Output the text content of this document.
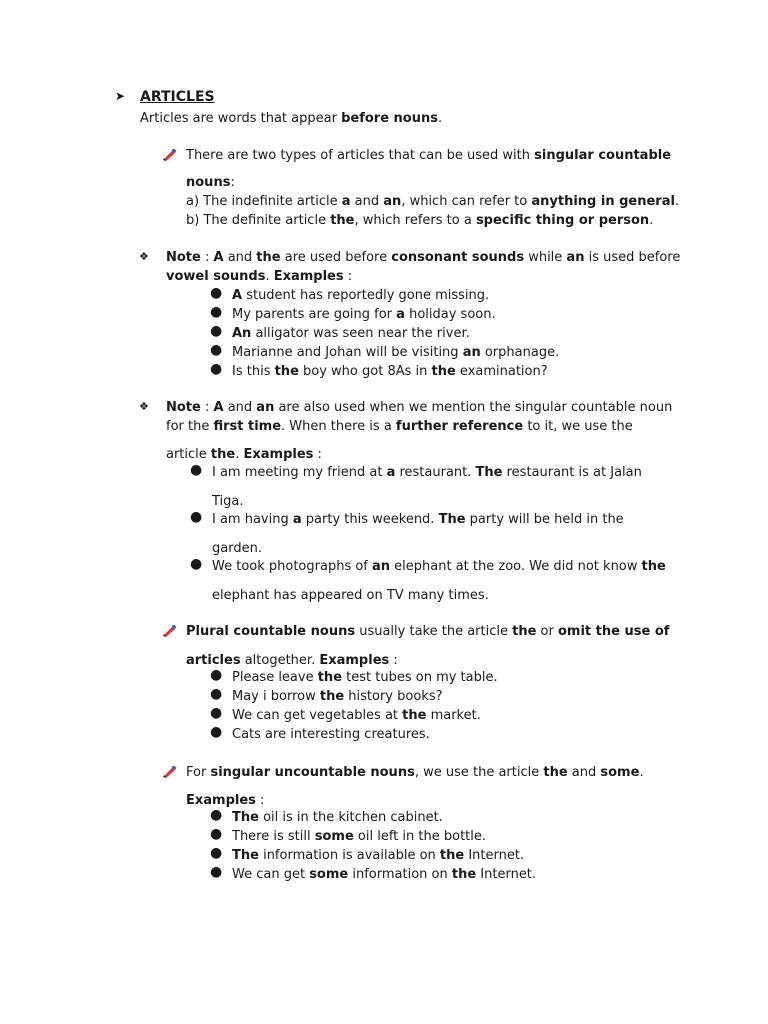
➤ ARTICLES
Articles are words that appear before nouns.
There are two types of articles that can be used with singular countable
nouns:
a) The indefinite article a and an, which can refer to anything in general.
b) The definite article the, which refers to a specific thing or person.
❖ Note : A and the are used before consonant sounds while an is used before
vowel sounds. Examples :
❖ Note : A and an are also used when we mention the singular countable noun
for the first time. When there is a further reference to it, we use the
article the. Examples :
● I am meeting my friend at a restaurant. The restaurant is at Jalan
Tiga.
● I am having a party this weekend. The party will be held in the
garden.
● We took photographs of an elephant at the zoo. We did not know the
elephant has appeared on TV many times.
Plural countable nouns usually take the article the or omit the use of
articles altogether. Examples :
For singular uncountable nouns, we use the article the and some.
Examples :
● A student has reportedly gone missing.
● My parents are going for a holiday soon.
● An alligator was seen near the river.
● Marianne and Johan will be visiting an orphanage.
● Is this the boy who got 8As in the examination?
● Please leave the test tubes on my table.
● May i borrow the history books?
● We can get vegetables at the market.
● Cats are interesting creatures.
● The oil is in the kitchen cabinet.
● There is still some oil left in the bottle.
● The information is available on the Internet.
● We can get some information on the Internet.
